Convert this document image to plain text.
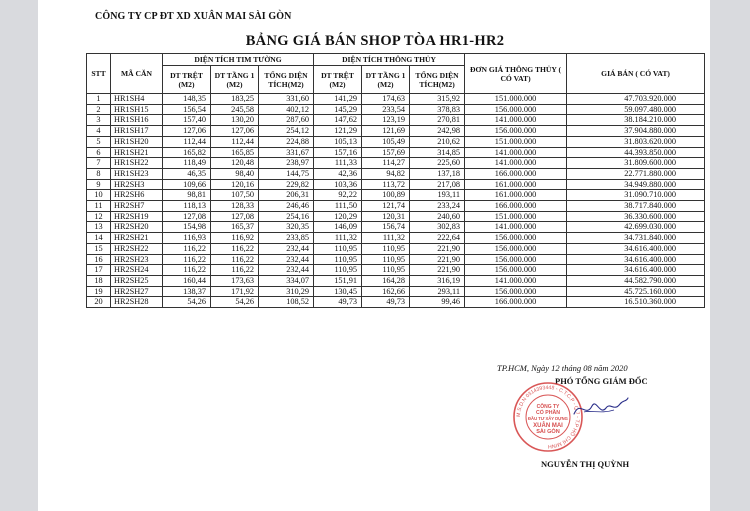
CÔNG TY CP ĐT XD XUÂN MAI SÀI GÒN
BẢNG GIÁ BÁN SHOP TÒA HR1-HR2
STT	MÃ CĂN	DIỆN TÍCH TIM TƯỜNG			DIỆN TÍCH THÔNG THỦY			ĐƠN GIÁ THÔNG THỦY ( CÓ VAT)	GIÁ BÁN ( CÓ VAT)
		DT TRỆT (M2)	DT TẦNG 1 (M2)	TỔNG DIỆN TÍCH(M2)	DT TRỆT (M2)	DT TẦNG 1 (M2)	TỔNG DIỆN TÍCH(M2)		
1	HR1SH4	148,35	183,25	331,60	141,29	174,63	315,92	151.000.000	47.703.920.000
2	HR1SH15	156,54	245,58	402,12	145,29	233,54	378,83	156.000.000	59.097.480.000
3	HR1SH16	157,40	130,20	287,60	147,62	123,19	270,81	141.000.000	38.184.210.000
4	HR1SH17	127,06	127,06	254,12	121,29	121,69	242,98	156.000.000	37.904.880.000
5	HR1SH20	112,44	112,44	224,88	105,13	105,49	210,62	151.000.000	31.803.620.000
6	HR1SH21	165,82	165,85	331,67	157,16	157,69	314,85	141.000.000	44.393.850.000
7	HR1SH22	118,49	120,48	238,97	111,33	114,27	225,60	141.000.000	31.809.600.000
8	HR1SH23	46,35	98,40	144,75	42,36	94,82	137,18	166.000.000	22.771.880.000
9	HR2SH3	109,66	120,16	229,82	103,36	113,72	217,08	161.000.000	34.949.880.000
10	HR2SH6	98,81	107,50	206,31	92,22	100,89	193,11	161.000.000	31.090.710.000
11	HR2SH7	118,13	128,33	246,46	111,50	121,74	233,24	166.000.000	38.717.840.000
12	HR2SH19	127,08	127,08	254,16	120,29	120,31	240,60	151.000.000	36.330.600.000
13	HR2SH20	154,98	165,37	320,35	146,09	156,74	302,83	141.000.000	42.699.030.000
14	HR2SH21	116,93	116,92	233,85	111,32	111,32	222,64	156.000.000	34.731.840.000
15	HR2SH22	116,22	116,22	232,44	110,95	110,95	221,90	156.000.000	34.616.400.000
16	HR2SH23	116,22	116,22	232,44	110,95	110,95	221,90	156.000.000	34.616.400.000
17	HR2SH24	116,22	116,22	232,44	110,95	110,95	221,90	156.000.000	34.616.400.000
18	HR2SH25	160,44	173,63	334,07	151,91	164,28	316,19	141.000.000	44.582.790.000
19	HR2SH27	138,37	171,92	310,29	130,45	162,66	293,11	156.000.000	45.725.160.000
20	HR2SH28	54,26	54,26	108,52	49,73	49,73	99,46	166.000.000	16.510.360.000
TP.HCM, Ngày 12 tháng 08 năm 2020
PHÓ TỔNG GIÁM ĐỐC
M.S.D.N 0314393448 - C.T.C.P - Q.7 - T.P HỒ CHÍ MINH
CÔNG TY
CỔ PHẦN
ĐẦU TƯ XÂY DỰNG
XUÂN MAI
SÀI GÒN
NGUYỄN THỊ QUỲNH
